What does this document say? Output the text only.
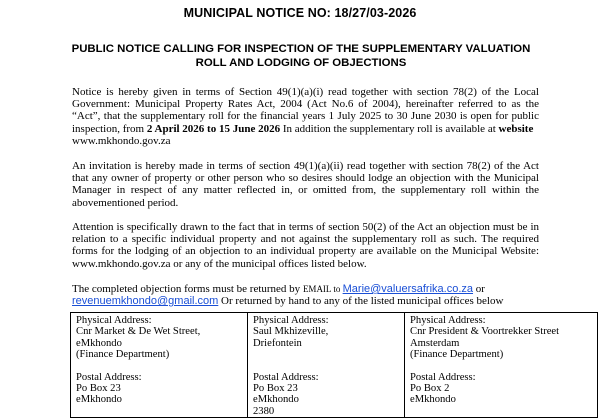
MUNICIPAL NOTICE NO: 18/27/03-2026
PUBLIC NOTICE CALLING FOR INSPECTION OF THE SUPPLEMENTARY VALUATION
ROLL AND LODGING OF OBJECTIONS

Notice is hereby given in terms of Section 49(1)(a)(i) read together with section 78(2) of the Local Government: Municipal Property Rates Act, 2004 (Act No.6 of 2004), hereinafter referred to as the “Act”, that the supplementary roll for the financial years 1 July 2025 to 30 June 2030 is open for public inspection, from 2 April 2026 to 15 June 2026 In addition the supplementary roll is available at website
www.mkhondo.gov.za

An invitation is hereby made in terms of section 49(1)(a)(ii) read together with section 78(2) of the Act that any owner of property or other person who so desires should lodge an objection with the Municipal Manager in respect of any matter reflected in, or omitted from, the supplementary roll within the abovementioned period.

Attention is specifically drawn to the fact that in terms of section 50(2) of the Act an objection must be in relation to a specific individual property and not against the supplementary roll as such. The required forms for the lodging of an objection to an individual property are available on the Municipal Website: www.mkhondo.gov.za or any of the municipal offices listed below.

The completed objection forms must be returned by EMAIL to Marie@valuersafrika.co.za or
revenuemkhondo@gmail.com Or returned by hand to any of the listed municipal offices below

Physical Address:
Cnr Market & De Wet Street,
eMkhondo
(Finance Department)
Postal Address:
Po Box 23
eMkhondo

Physical Address:
Saul Mkhizeville,
Driefontein

Postal Address:
Po Box 23
eMkhondo
2380

Physical Address:
Cnr President & Voortrekker Street
Amsterdam
(Finance Department)
Postal Address:
Po Box 2
eMkhondo
